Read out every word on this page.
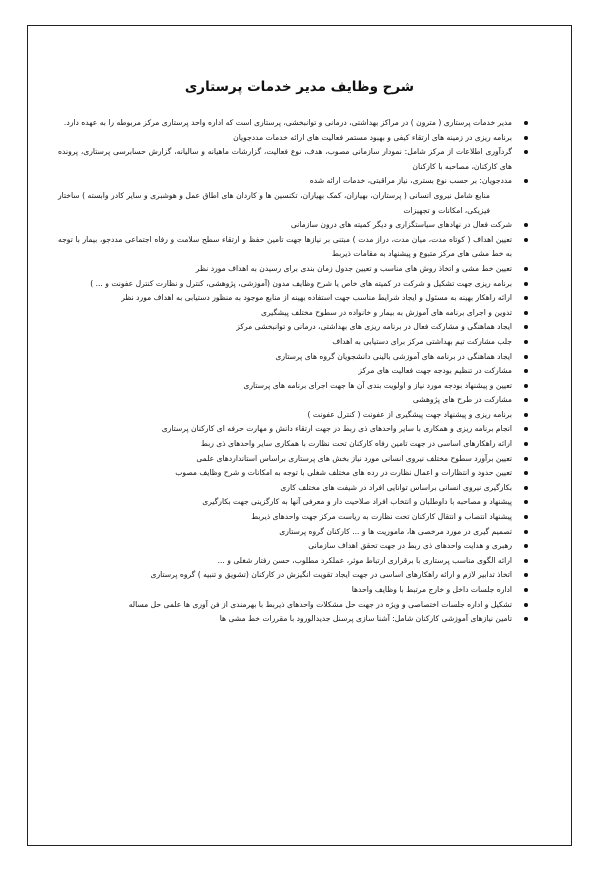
شرح وظایف مدیر خدمات پرستاری
مدیر خدمات پرستاری ( مترون ) در مراکز بهداشتی، درمانی و توانبخشی، پرستاری است که اداره واحد پرستاری مرکز مربوطه را به عهده دارد.
برنامه ریزی در زمینه های ارتقاء کیفی و بهبود مستمر فعالیت های ارائه خدمات مددجویان
گردآوری اطلاعات از مرکز شامل: نمودار سازمانی مصوب، هدف، نوع فعالیت، گزارشات ماهیانه و سالیانه، گزارش حسابرسی پرستاری، پرونده های کارکنان، مصاحبه با کارکنان
مددجویان: بر حسب نوع بستری، نیاز مراقبتی، خدمات ارائه شده
منابع شامل نیروی انسانی ( پرستاران، بهیاران، کمک بهیاران، تکنسین ها و کاردان های اطاق عمل و هوشبری و سایر کادر وابسته ) ساختار فیزیکی، امکانات و تجهیزات
شرکت فعال در نهادهای سیاستگزاری و دیگر کمیته های درون سازمانی
تعیین اهداف ( کوتاه مدت، میان مدت، دراز مدت ) مبتنی بر نیازها جهت تامین حفظ و ارتقاء سطح سلامت و رفاه اجتماعی مددجو، بیمار با توجه به خط مشی های مرکز متبوع و پیشنهاد به مقامات ذیربط
تعیین خط مشی و اتخاذ روش های مناسب و تعیین جدول زمان بندی برای رسیدن به اهداف مورد نظر
برنامه ریزی جهت تشکیل و شرکت در کمیته های خاص یا شرح وظایف مدون (آموزشی، پژوهشی، کنترل و نظارت کنترل عفونت و ... )
ارائه راهکار بهینه به مسئول و ایجاد شرایط مناسب جهت استفاده بهینه از منابع موجود به منظور دستیابی به اهداف مورد نظر
تدوین و اجرای برنامه های آموزش به بیمار و خانواده در سطوح مختلف پیشگیری
ایجاد هماهنگی و مشارکت فعال در برنامه ریزی های بهداشتی، درمانی و توانبخشی مرکز
جلب مشارکت تیم بهداشتی مرکز برای دستیابی به اهداف
ایجاد هماهنگی در برنامه های آموزشی بالینی دانشجویان گروه های پرستاری
مشارکت در تنظیم بودجه جهت فعالیت های مرکز
تعیین و پیشنهاد بودجه مورد نیاز و اولویت بندی آن ها جهت اجرای برنامه های پرستاری
مشارکت در طرح های پژوهشی
برنامه ریزی و پیشنهاد جهت پیشگیری از عفونت ( کنترل عفونت )
انجام برنامه ریزی و همکاری با سایر واحدهای ذی ربط در جهت ارتقاء دانش و مهارت حرفه ای کارکنان پرستاری
ارائه راهکارهای اساسی در جهت تامین رفاه کارکنان تحت نظارت با همکاری سایر واحدهای ذی ربط
تعیین برآورد سطوح مختلف نیروی انسانی مورد نیاز بخش های پرستاری براساس استانداردهای علمی
تعیین حدود و انتظارات و اعمال نظارت در رده های مختلف شغلی با توجه به امکانات و شرح وظایف مصوب
بکارگیری نیروی انسانی براساس توانایی افراد در شیفت های مختلف کاری
پیشنهاد و مصاحبه با داوطلبان و انتخاب افراد صلاحیت دار و معرفی آنها به کارگزینی جهت بکارگیری
پیشنهاد انتصاب و انتقال کارکنان تحت نظارت به ریاست مرکز جهت واحدهای ذیربط
تصمیم گیری در مورد مرخصی ها، ماموریت ها و ... کارکنان گروه پرستاری
رهبری و هدایت واحدهای ذی ربط در جهت تحقق اهداف سازمانی
ارائه الگوی مناسب پرستاری با برقراری ارتباط موثر، عملکرد مطلوب، حسن رفتار شغلی و ...
اتخاذ تدابیر لازم و ارائه راهکارهای اساسی در جهت ایجاد تقویت انگیزش در کارکنان (تشویق و تنبیه ) گروه پرستاری
اداره جلسات داخل و خارج مرتبط با وظایف واحدها
تشکیل و اداره جلسات اختصاصی و ویژه در جهت حل مشکلات واحدهای ذیربط با بهرمندی از فن آوری ها علمی حل مساله
تامین نیازهای آموزشی کارکنان شامل: آشنا سازی پرسنل جدیدالورود با مقررات خط مشی ها
